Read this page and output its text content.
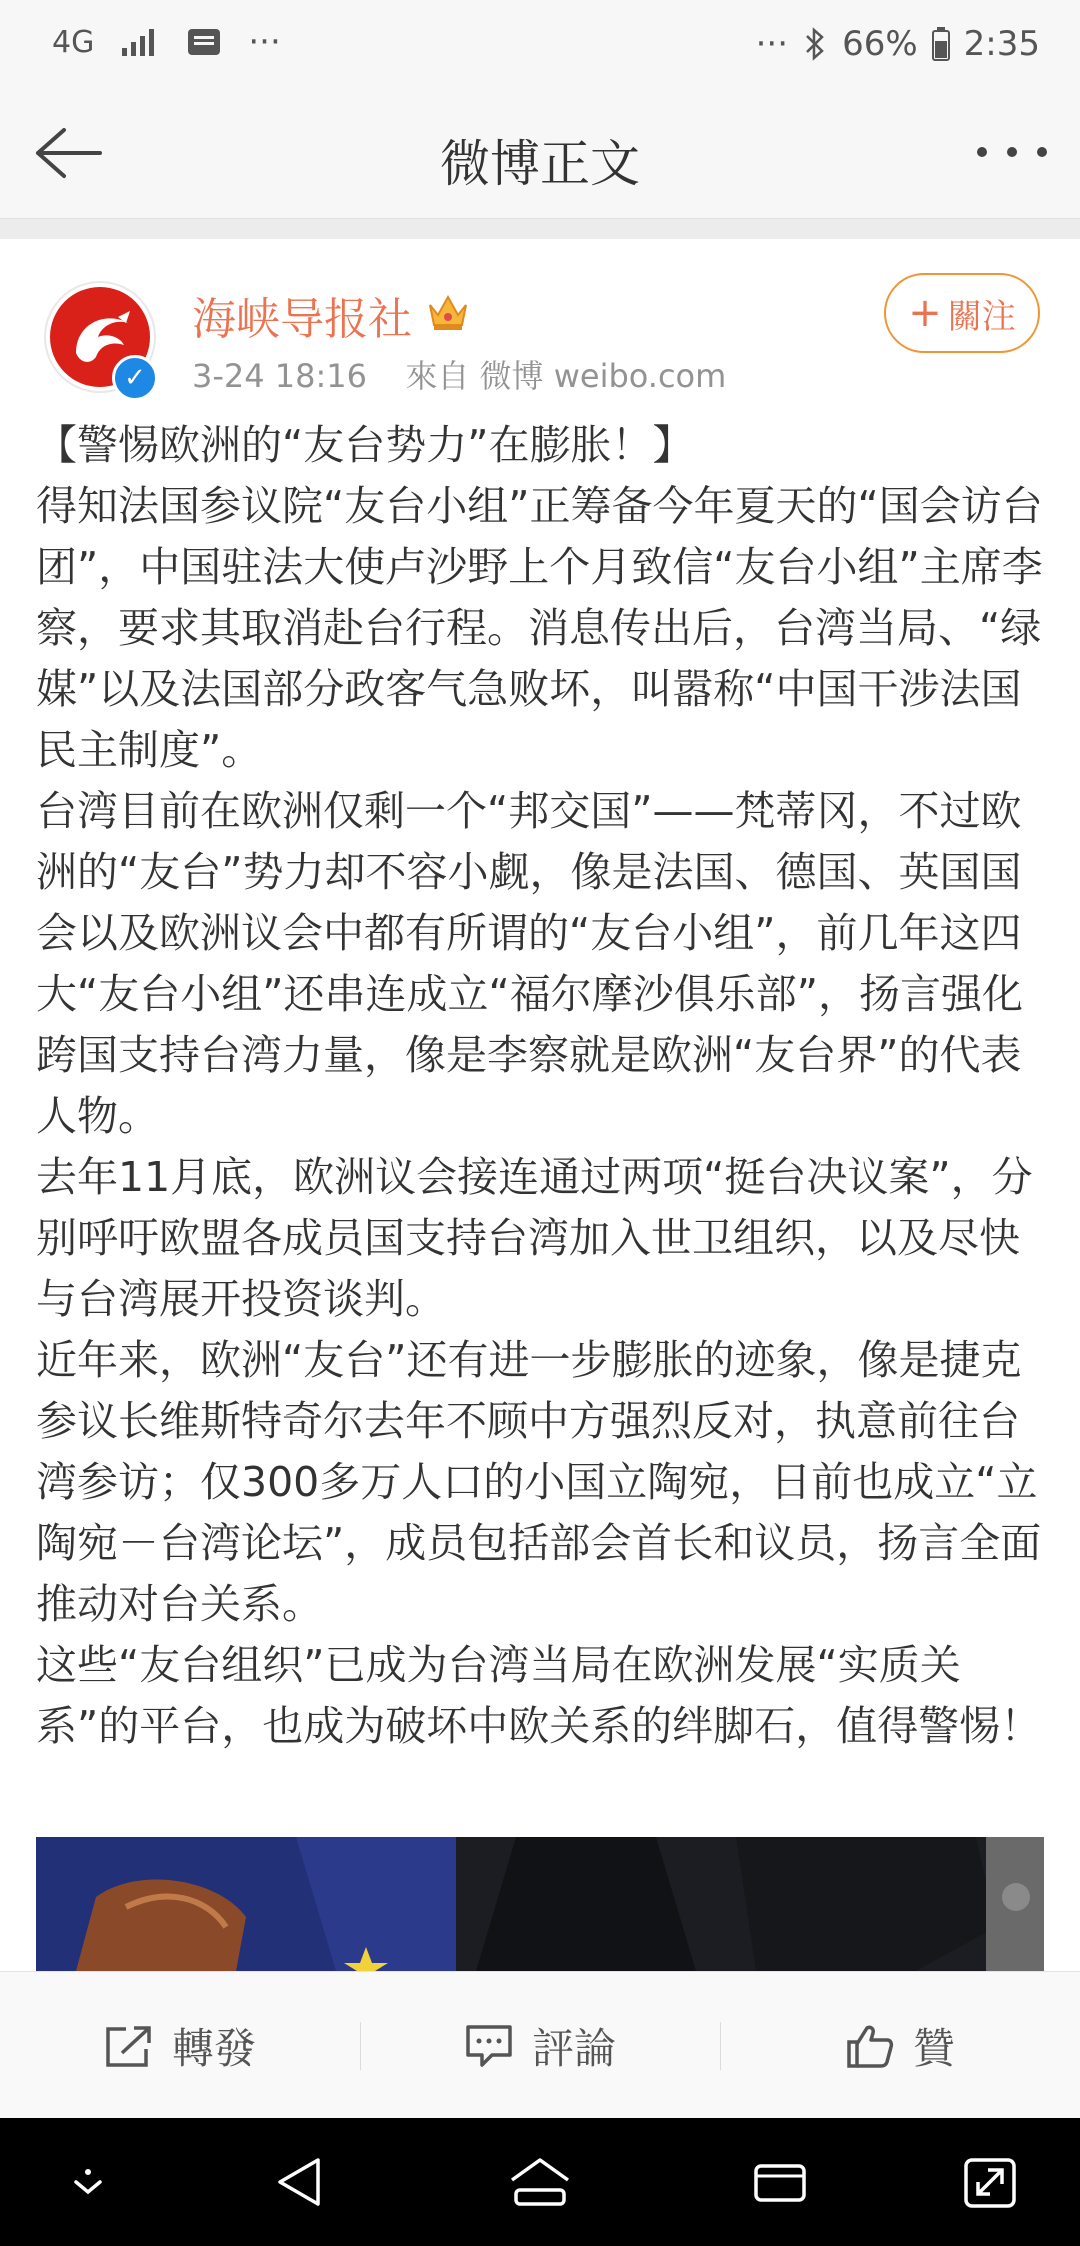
4G	···	··· 66% 2:35
微博正文
✓
海峡导报社
3-24 18:16 來自 微博 weibo.com
+ 關注

【警惕欧洲的“友台势力”在膨胀！】

得知法国参议院“友台小组”正筹备今年夏天的“国会访台团”，中国驻法大使卢沙野上个月致信“友台小组”主席李察，要求其取消赴台行程。消息传出后，台湾当局、“绿媒”以及法国部分政客气急败坏，叫嚣称“中国干涉法国民主制度”。

台湾目前在欧洲仅剩一个“邦交国”——梵蒂冈，不过欧洲的“友台”势力却不容小觑，像是法国、德国、英国国会以及欧洲议会中都有所谓的“友台小组”，前几年这四大“友台小组”还串连成立“福尔摩沙俱乐部”，扬言强化跨国支持台湾力量，像是李察就是欧洲“友台界”的代表人物。

去年11月底，欧洲议会接连通过两项“挺台决议案”，分别呼吁欧盟各成员国支持台湾加入世卫组织，以及尽快与台湾展开投资谈判。

近年来，欧洲“友台”还有进一步膨胀的迹象，像是捷克参议长维斯特奇尔去年不顾中方强烈反对，执意前往台湾参访；仅300多万人口的小国立陶宛，日前也成立“立陶宛－台湾论坛”，成员包括部会首长和议员，扬言全面推动对台关系。

这些“友台组织”已成为台湾当局在欧洲发展“实质关系”的平台，也成为破坏中欧关系的绊脚石，值得警惕！

轉發	評論	贊
